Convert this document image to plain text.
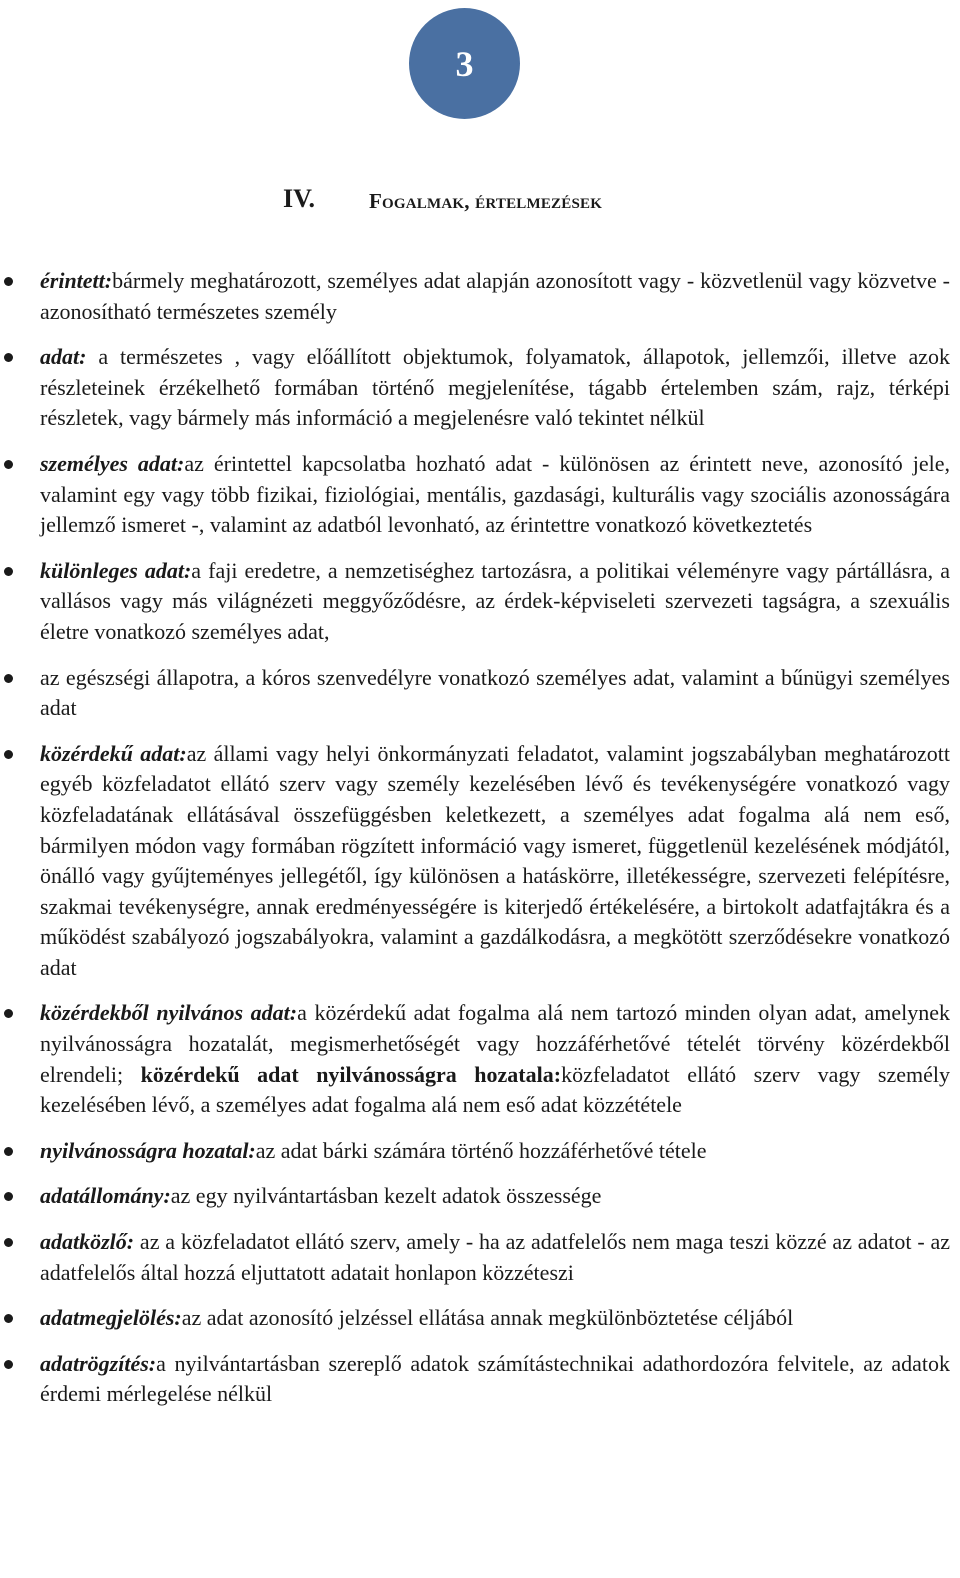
3
IV.	Fogalmak, értelmezések
érintett:bármely meghatározott, személyes adat alapján azonosított vagy - közvetlenül vagy közvetve - azonosítható természetes személy
adat: a természetes , vagy előállított objektumok, folyamatok, állapotok, jellemzői, illetve azok részleteinek érzékelhető formában történő megjelenítése, tágabb értelemben szám, rajz, térképi részletek, vagy bármely más információ a megjelenésre való tekintet nélkül
személyes adat:az érintettel kapcsolatba hozható adat - különösen az érintett neve, azonosító jele, valamint egy vagy több fizikai, fiziológiai, mentális, gazdasági, kulturális vagy szociális azonosságára jellemző ismeret -, valamint az adatból levonható, az érintettre vonatkozó következtetés
különleges adat:a faji eredetre, a nemzetiséghez tartozásra, a politikai véleményre vagy pártállásra, a vallásos vagy más világnézeti meggyőződésre, az érdek-képviseleti szervezeti tagságra, a szexuális életre vonatkozó személyes adat,
az egészségi állapotra, a kóros szenvedélyre vonatkozó személyes adat, valamint a bűnügyi személyes adat
közérdekű adat:az állami vagy helyi önkormányzati feladatot, valamint jogszabályban meghatározott egyéb közfeladatot ellátó szerv vagy személy kezelésében lévő és tevékenységére vonatkozó vagy közfeladatának ellátásával összefüggésben keletkezett, a személyes adat fogalma alá nem eső, bármilyen módon vagy formában rögzített információ vagy ismeret, függetlenül kezelésének módjától, önálló vagy gyűjteményes jellegétől, így különösen a hatáskörre, illetékességre, szervezeti felépítésre, szakmai tevékenységre, annak eredményességére is kiterjedő értékelésére, a birtokolt adatfajtákra és a működést szabályozó jogszabályokra, valamint a gazdálkodásra, a megkötött szerződésekre vonatkozó adat
közérdekből nyilvános adat:a közérdekű adat fogalma alá nem tartozó minden olyan adat, amelynek nyilvánosságra hozatalát, megismerhetőségét vagy hozzáférhetővé tételét törvény közérdekből elrendeli; közérdekű adat nyilvánosságra hozatala:közfeladatot ellátó szerv vagy személy kezelésében lévő, a személyes adat fogalma alá nem eső adat közzététele
nyilvánosságra hozatal:az adat bárki számára történő hozzáférhetővé tétele
adatállomány:az egy nyilvántartásban kezelt adatok összessége
adatközlő: az a közfeladatot ellátó szerv, amely - ha az adatfelelős nem maga teszi közzé az adatot - az adatfelelős által hozzá eljuttatott adatait honlapon közzéteszi
adatmegjelölés:az adat azonosító jelzéssel ellátása annak megkülönböztetése céljából
adatrögzítés:a nyilvántartásban szereplő adatok számítástechnikai adathordozóra felvitele, az adatok érdemi mérlegelése nélkül
